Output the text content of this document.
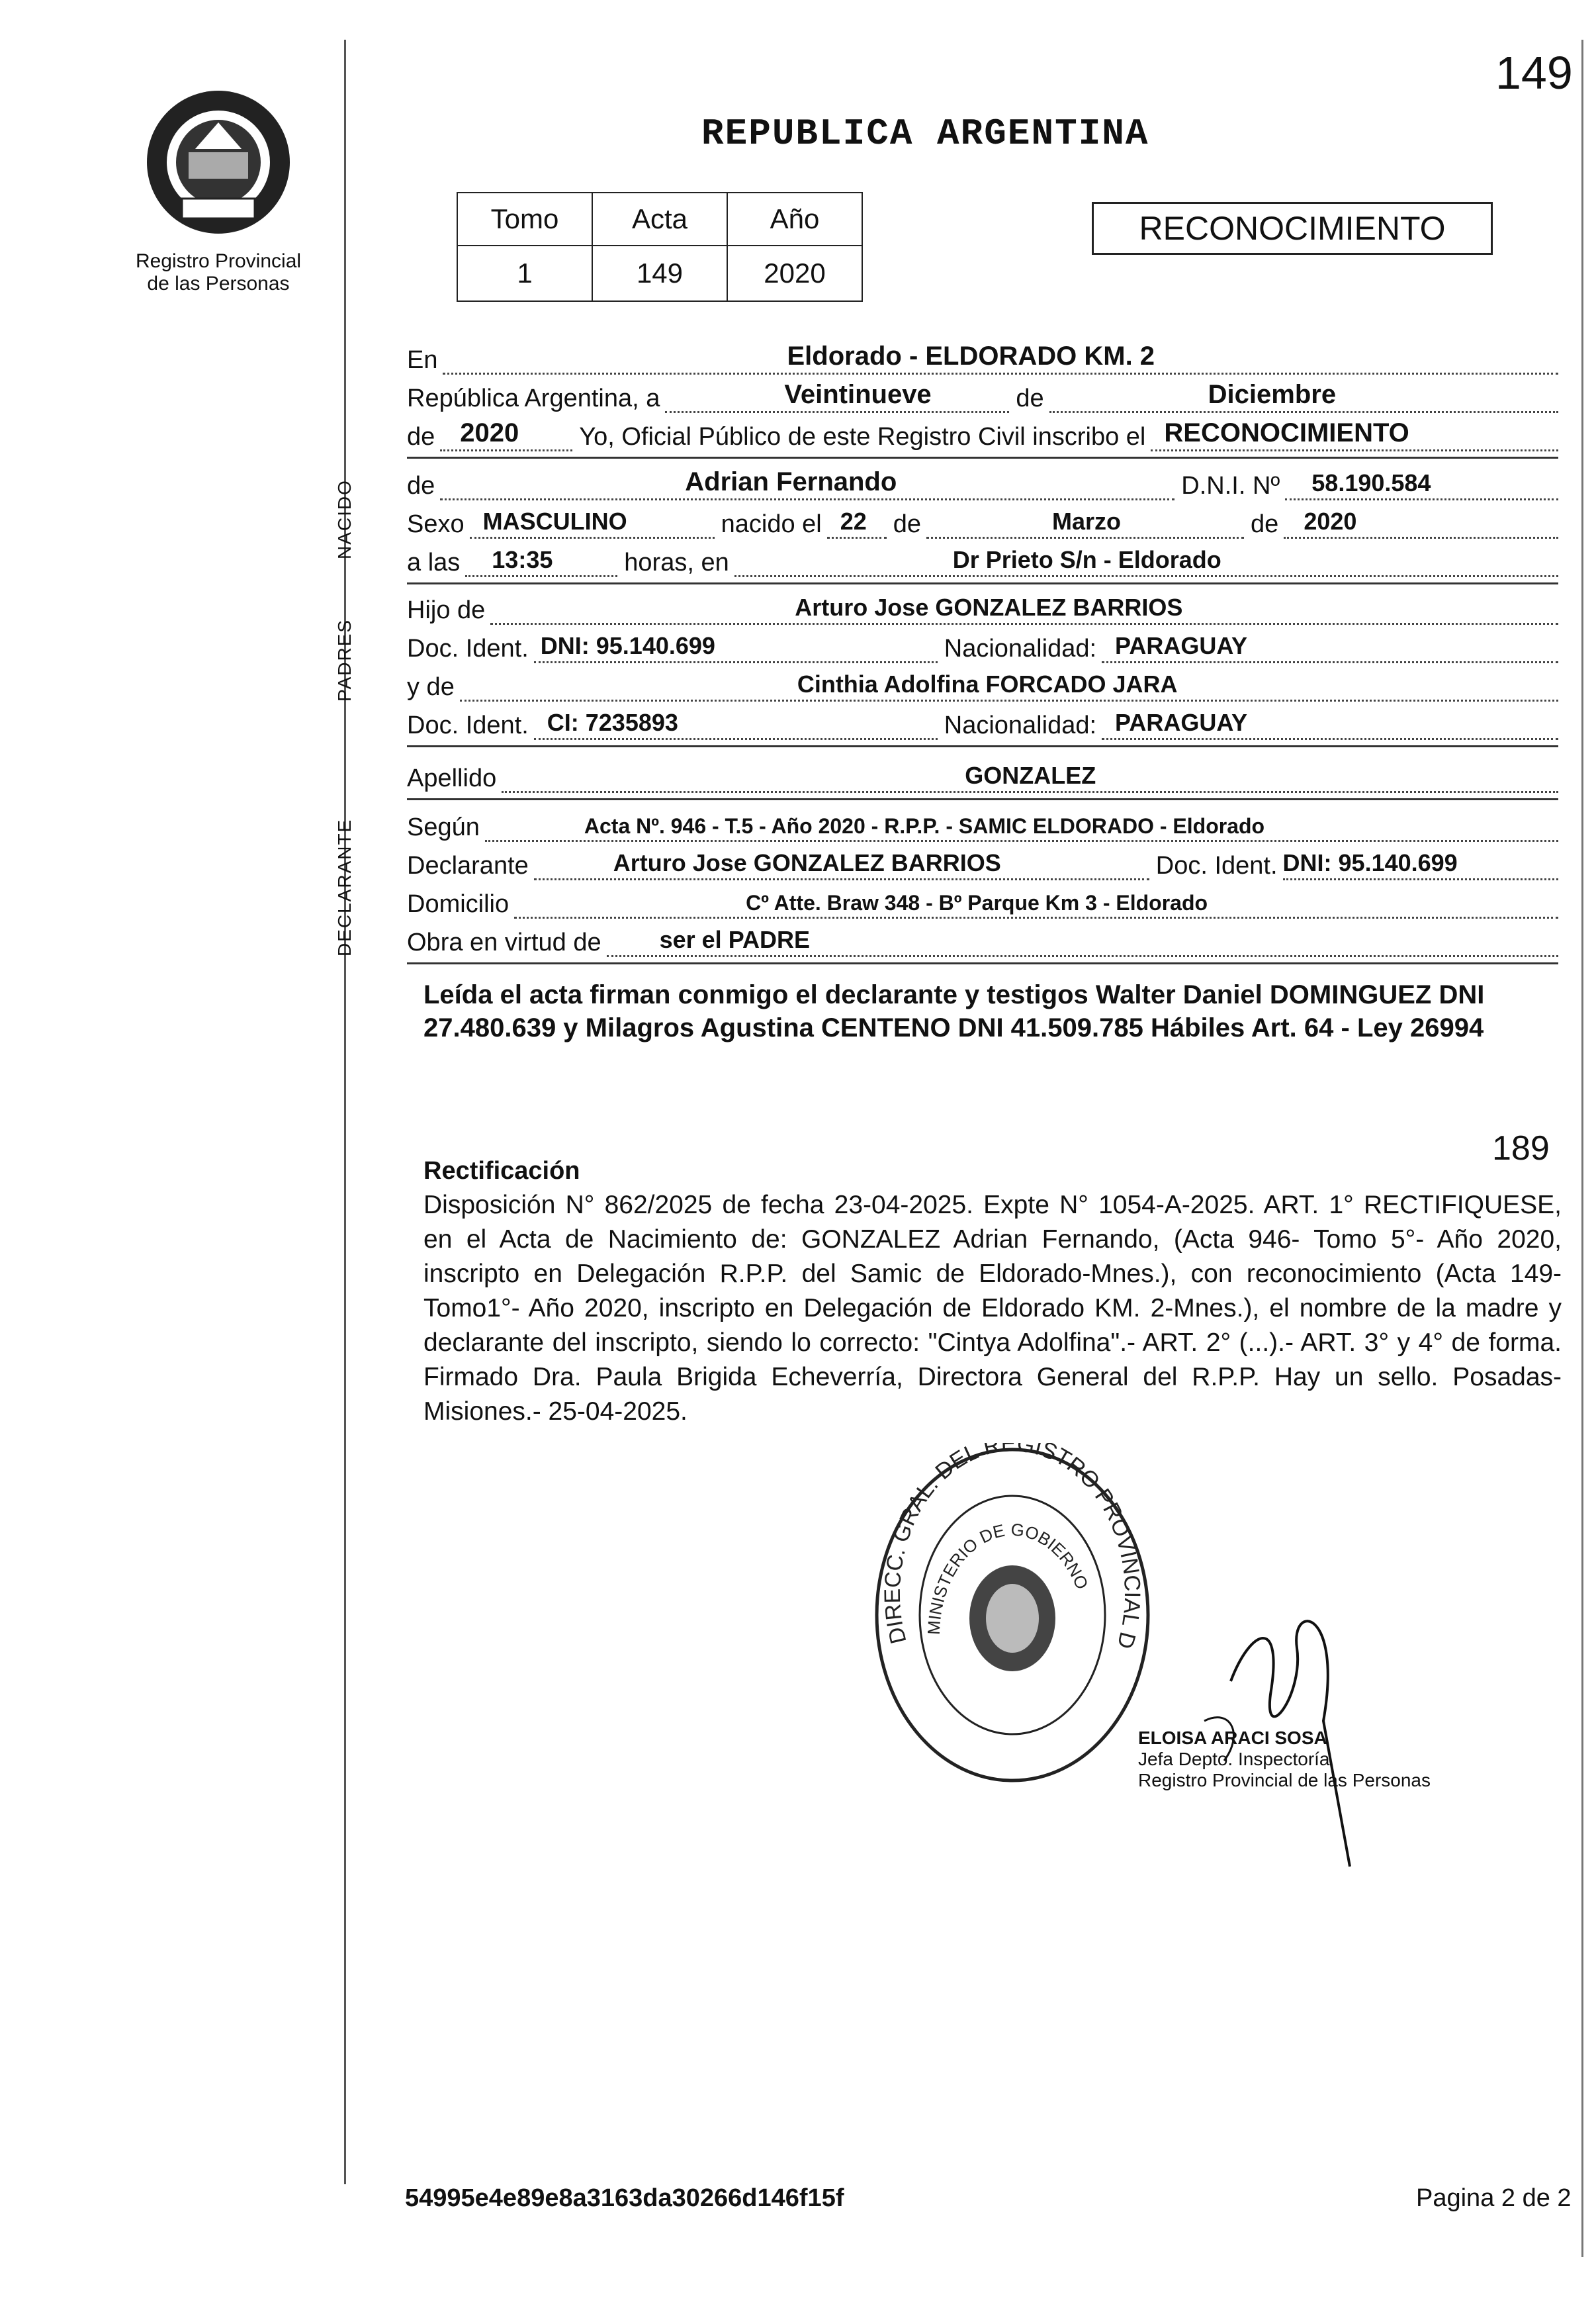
149
REPUBLICA ARGENTINA
Registro Provincial
de las Personas
Tomo	Acta	Año
1	149	2020
RECONOCIMIENTO
En	Eldorado - ELDORADO KM. 2
República Argentina, a	Veintinueve	de	Diciembre
de 2020 Yo, Oficial Público de este Registro Civil inscribo el RECONOCIMIENTO
NACIDO de	Adrian Fernando	D.N.I. Nº 58.190.584
Sexo MASCULINO	nacido el 22 de	Marzo	de 2020
a las 13:35	horas, en	Dr Prieto S/n - Eldorado
PADRES
Hijo de	Arturo Jose GONZALEZ BARRIOS
Doc. Ident. DNI: 95.140.699	Nacionalidad: PARAGUAY
y de	Cinthia Adolfina FORCADO JARA
Doc. Ident. CI: 7235893	Nacionalidad: PARAGUAY
Apellido	GONZALEZ
DECLARANTE Según	Acta Nº. 946 - T.5 - Año 2020 - R.P.P. - SAMIC ELDORADO - Eldorado
Declarante	Arturo Jose GONZALEZ BARRIOS	Doc. Ident. DNI: 95.140.699
Domicilio	Cº Atte. Braw 348 - Bº Parque Km 3 - Eldorado
Obra en virtud de ser el PADRE
Leída el acta firman conmigo el declarante y testigos Walter Daniel DOMINGUEZ DNI 27.480.639 y Milagros Agustina CENTENO DNI 41.509.785 Hábiles Art. 64 - Ley 26994
189
Rectificación
Disposición N° 862/2025 de fecha 23-04-2025. Expte N° 1054-A-2025. ART. 1° RECTIFIQUESE, en el Acta de Nacimiento de: GONZALEZ Adrian Fernando, (Acta 946- Tomo 5°- Año 2020, inscripto en Delegación R.P.P. del Samic de Eldorado-Mnes.), con reconocimiento (Acta 149- Tomo1°- Año 2020, inscripto en Delegación de Eldorado KM. 2-Mnes.), el nombre de la madre y declarante del inscripto, siendo lo correcto: "Cintya Adolfina".- ART. 2° (...).- ART. 3° y 4° de forma. Firmado Dra. Paula Brigida Echeverría, Directora General del R.P.P. Hay un sello. Posadas- Misiones.- 25-04-2025.
DIRECC. GRAL. DEL REGISTRO PROVINCIAL D
MINISTERIO DE GOBIERNO
ELOISA ARACI SOSA
Jefa Depto. Inspectoría
Registro Provincial de las Personas
54995e4e89e8a3163da30266d146f15f	Pagina 2 de 2
